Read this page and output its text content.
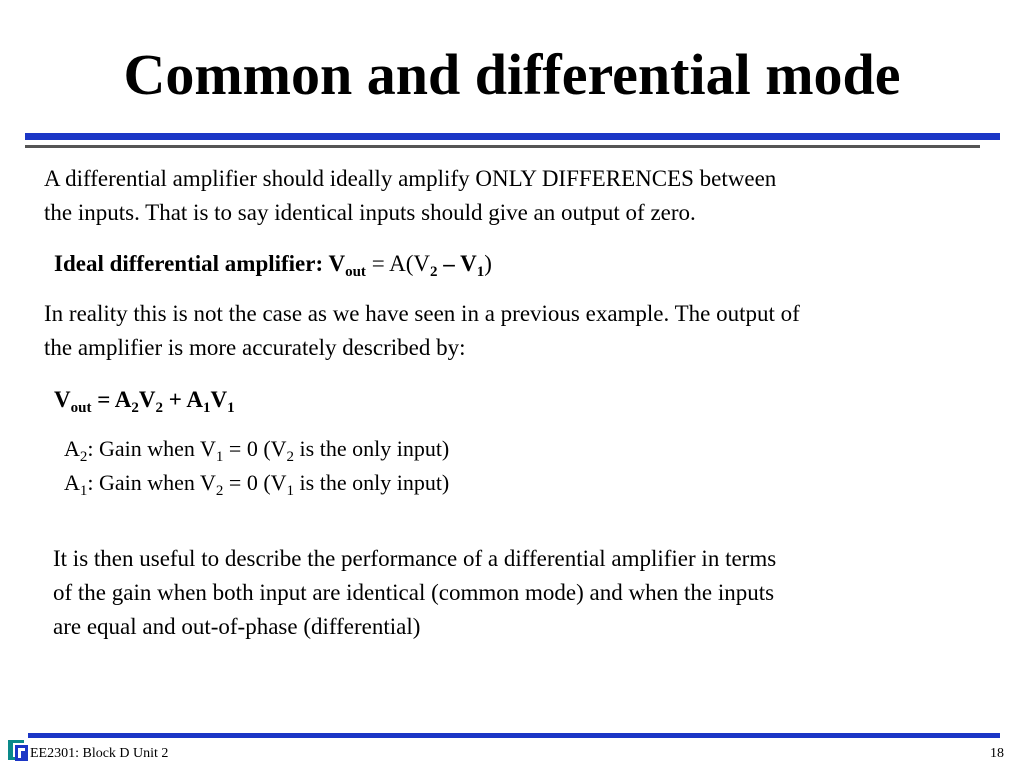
Common and differential mode
A differential amplifier should ideally amplify ONLY DIFFERENCES between
the inputs. That is to say identical inputs should give an output of zero.
Ideal differential amplifier: $V_{out} = A(V_2 - V_1)$
In reality this is not the case as we have seen in a previous example. The output of
the amplifier is more accurately described by:
$V_{out} = A_2V_2 + A_1V_1$
$A_2$: Gain when $V_1 = 0$ ($V_2$ is the only input)
$A_1$: Gain when $V_2 = 0$ ($V_1$ is the only input)
It is then useful to describe the performance of a differential amplifier in terms
of the gain when both input are identical (common mode) and when the inputs
are equal and out-of-phase (differential)
EE2301: Block D Unit 2	18
